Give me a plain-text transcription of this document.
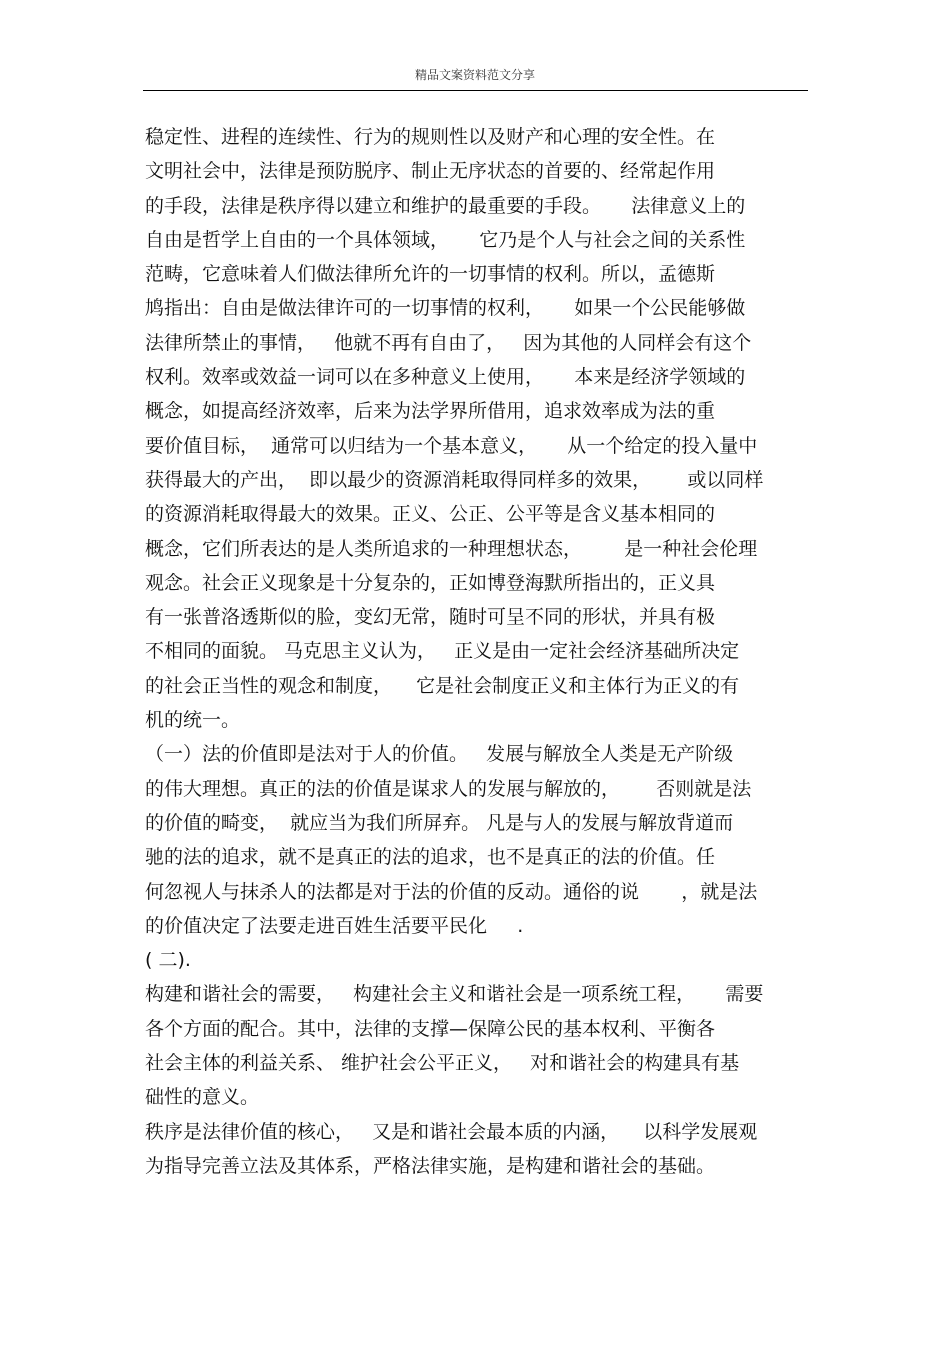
精品文案资料范文分享
稳定性、进程的连续性、行为的规则性以及财产和心理的安全性。在
文明社会中，法律是预防脱序、制止无序状态的首要的、经常起作用
的手段，法律是秩序得以建立和维护的最重要的手段。     法律意义上的
自由是哲学上自由的一个具体领域，     它乃是个人与社会之间的关系性
范畴，它意味着人们做法律所允许的一切事情的权利。所以，孟德斯
鸠指出：自由是做法律许可的一切事情的权利，     如果一个公民能够做
法律所禁止的事情，   他就不再有自由了，   因为其他的人同样会有这个
权利。效率或效益一词可以在多种意义上使用，     本来是经济学领域的
概念，如提高经济效率，后来为法学界所借用，追求效率成为法的重
要价值目标，  通常可以归结为一个基本意义，     从一个给定的投入量中
获得最大的产出，  即以最少的资源消耗取得同样多的效果，      或以同样
的资源消耗取得最大的效果。正义、公正、公平等是含义基本相同的
概念，它们所表达的是人类所追求的一种理想状态，       是一种社会伦理
观念。社会正义现象是十分复杂的，正如博登海默所指出的，正义具
有一张普洛透斯似的脸，变幻无常，随时可呈不同的形状，并具有极
不相同的面貌。 马克思主义认为，   正义是由一定社会经济基础所决定
的社会正当性的观念和制度，    它是社会制度正义和主体行为正义的有
机的统一。
（一）法的价值即是法对于人的价值。   发展与解放全人类是无产阶级
的伟大理想。真正的法的价值是谋求人的发展与解放的，      否则就是法
的价值的畸变，  就应当为我们所屏弃。 凡是与人的发展与解放背道而
驰的法的追求，就不是真正的法的追求，也不是真正的法的价值。任
何忽视人与抹杀人的法都是对于法的价值的反动。通俗的说       ，就是法
的价值决定了法要走进百姓生活要平民化     .
( 二).
构建和谐社会的需要，   构建社会主义和谐社会是一项系统工程，     需要
各个方面的配合。其中，法律的支撑—保障公民的基本权利、平衡各
社会主体的利益关系、 维护社会公平正义，   对和谐社会的构建具有基
础性的意义。
秩序是法律价值的核心，   又是和谐社会最本质的内涵，    以科学发展观
为指导完善立法及其体系，严格法律实施，是构建和谐社会的基础。
